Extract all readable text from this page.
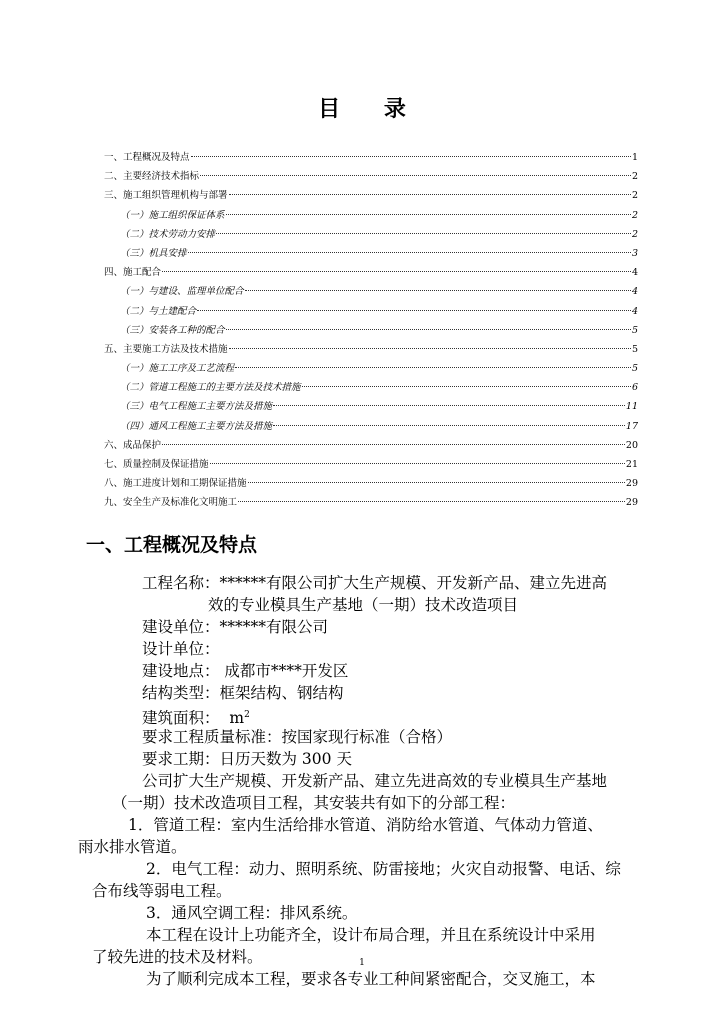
目 录
一、工程概况及特点	1
二、主要经济技术指标	2
三、施工组织管理机构与部署	2
（一）施工组织保证体系	2
（二）技术劳动力安排	2
（三）机具安排	3
四、施工配合	4
（一）与建设、监理单位配合	4
（二）与土建配合	4
（三）安装各工种的配合	5
五、主要施工方法及技术措施	5
（一）施工工序及工艺流程	5
（二）管道工程施工的主要方法及技术措施	6
（三）电气工程施工主要方法及措施	11
（四）通风工程施工主要方法及措施	17
六、成品保护	20
七、质量控制及保证措施	21
八、施工进度计划和工期保证措施	29
九、安全生产及标准化文明施工	29
一、工程概况及特点
工程名称：******有限公司扩大生产规模、开发新产品、建立先进高
效的专业模具生产基地（一期）技术改造项目
建设单位：******有限公司
设计单位：
建设地点： 成都市****开发区
结构类型：框架结构、钢结构
建筑面积： $m^2$
要求工程质量标准：按国家现行标准（合格）
要求工期：日历天数为 300 天
公司扩大生产规模、开发新产品、建立先进高效的专业模具生产基地
（一期）技术改造项目工程，其安装共有如下的分部工程：
1．管道工程：室内生活给排水管道、消防给水管道、气体动力管道、
雨水排水管道。
2．电气工程：动力、照明系统、防雷接地；火灾自动报警、电话、综
合布线等弱电工程。
3．通风空调工程：排风系统。
本工程在设计上功能齐全，设计布局合理，并且在系统设计中采用
了较先进的技术及材料。
为了顺利完成本工程，要求各专业工种间紧密配合，交叉施工，本
1
